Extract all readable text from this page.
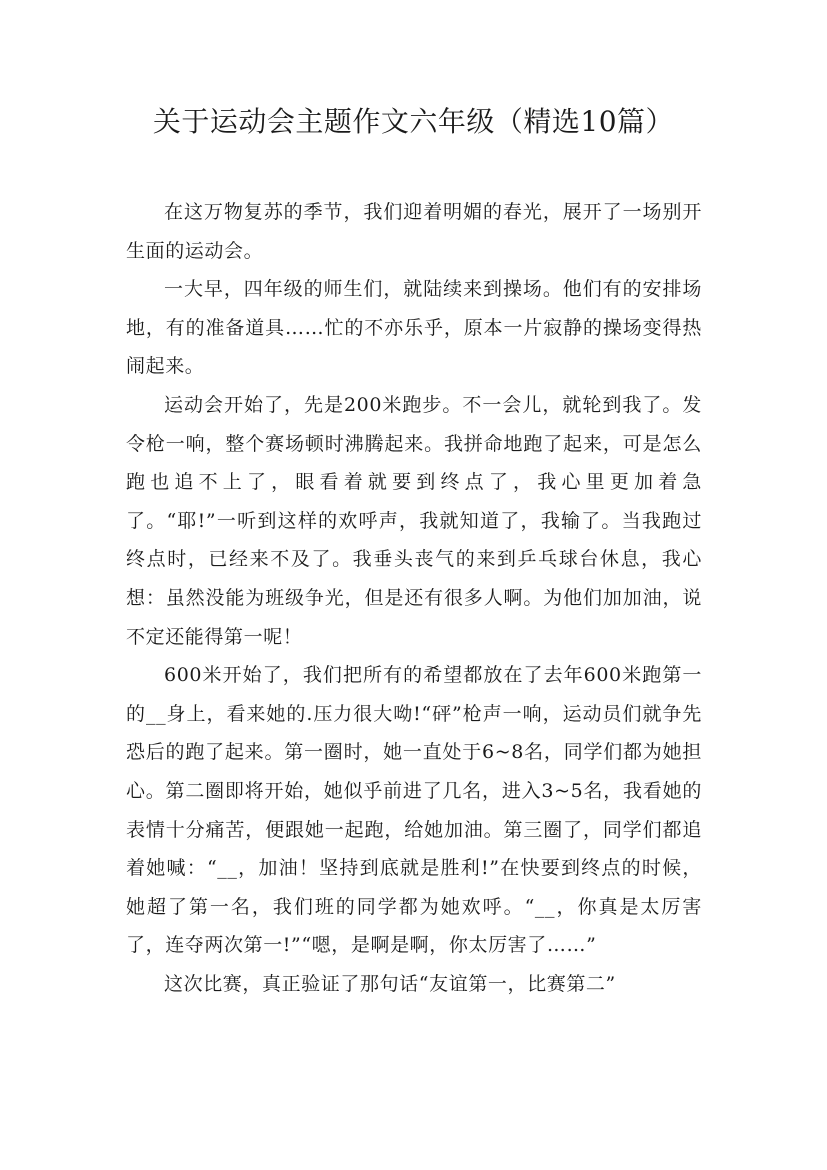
关于运动会主题作文六年级（精选10篇）

在这万物复苏的季节，我们迎着明媚的春光，展开了一场别开生面的运动会。

一大早，四年级的师生们，就陆续来到操场。他们有的安排场地，有的准备道具……忙的不亦乐乎，原本一片寂静的操场变得热闹起来。

运动会开始了，先是200米跑步。不一会儿，就轮到我了。发令枪一响，整个赛场顿时沸腾起来。我拼命地跑了起来，可是怎么跑也追不上了，眼看着就要到终点了，我心里更加着急了。“耶!”一听到这样的欢呼声，我就知道了，我输了。当我跑过终点时，已经来不及了。我垂头丧气的来到乒乓球台休息，我心想：虽然没能为班级争光，但是还有很多人啊。为他们加加油，说不定还能得第一呢！

600米开始了，我们把所有的希望都放在了去年600米跑第一的__身上，看来她的.压力很大呦!“砰”枪声一响，运动员们就争先恐后的跑了起来。第一圈时，她一直处于6~8名，同学们都为她担心。第二圈即将开始，她似乎前进了几名，进入3~5名，我看她的表情十分痛苦，便跟她一起跑，给她加油。第三圈了，同学们都追着她喊：“__，加油！坚持到底就是胜利!”在快要到终点的时候，她超了第一名，我们班的同学都为她欢呼。“__，你真是太厉害了，连夺两次第一!”“嗯，是啊是啊，你太厉害了……”

这次比赛，真正验证了那句话“友谊第一，比赛第二”
